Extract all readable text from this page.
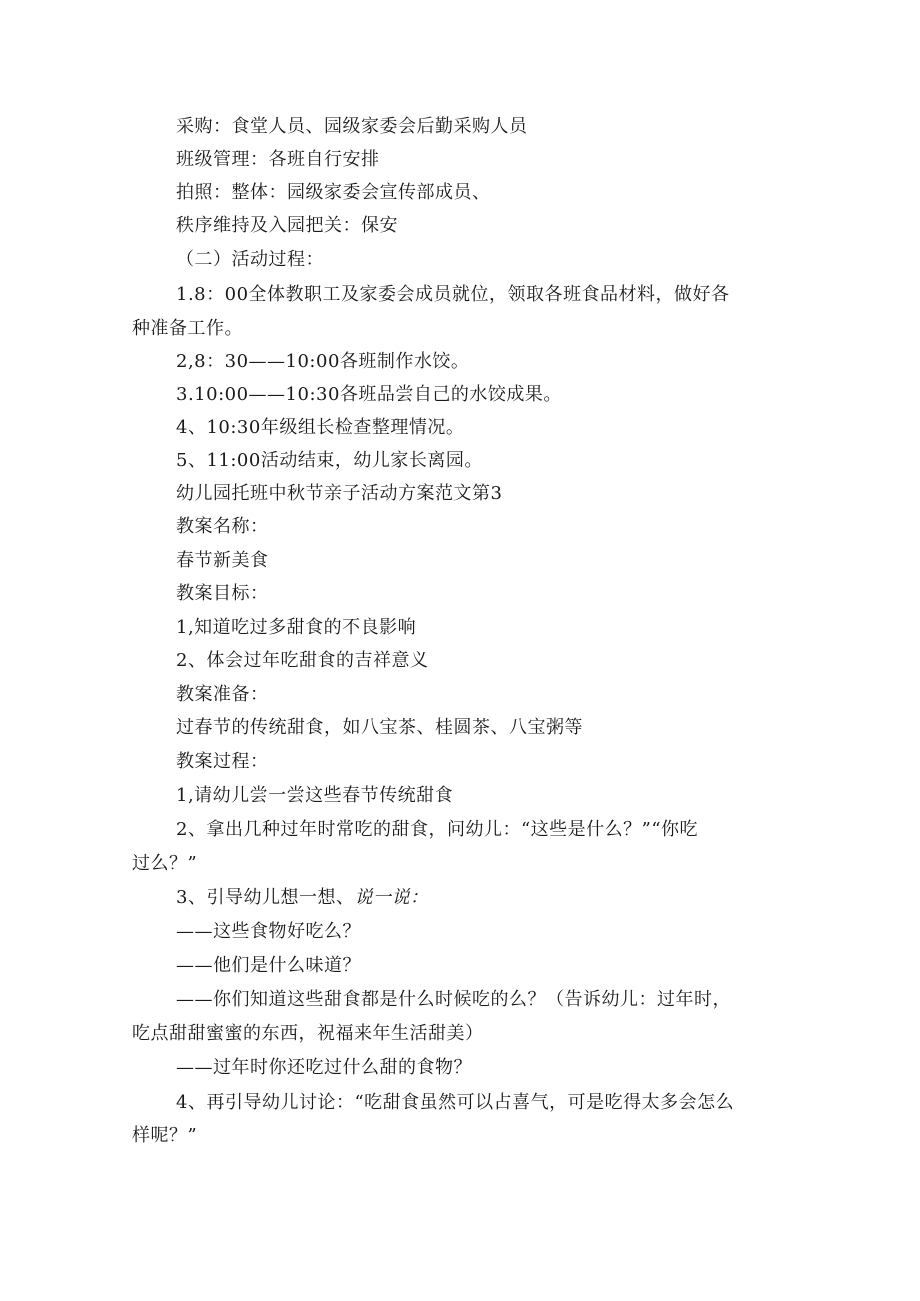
采购：食堂人员、园级家委会后勤采购人员
班级管理：各班自行安排
拍照：整体：园级家委会宣传部成员、
秩序维持及入园把关：保安
（二）活动过程：
1.8：00全体教职工及家委会成员就位，领取各班食品材料，做好各
种准备工作。
2,8：30——10:00各班制作水饺。
3.10:00——10:30各班品尝自己的水饺成果。
4、10:30年级组长检查整理情况。
5、11:00活动结束，幼儿家长离园。
幼儿园托班中秋节亲子活动方案范文第3
教案名称：
春节新美食
教案目标：
1,知道吃过多甜食的不良影响
2、体会过年吃甜食的吉祥意义
教案准备：
过春节的传统甜食，如八宝茶、桂圆茶、八宝粥等
教案过程：
1,请幼儿尝一尝这些春节传统甜食
2、拿出几种过年时常吃的甜食，问幼儿：“这些是什么？”“你吃
过么？”
3、引导幼儿想一想、说一说：
——这些食物好吃么？
——他们是什么味道？
——你们知道这些甜食都是什么时候吃的么？（告诉幼儿：过年时，
吃点甜甜蜜蜜的东西，祝福来年生活甜美）
——过年时你还吃过什么甜的食物？
4、再引导幼儿讨论：“吃甜食虽然可以占喜气，可是吃得太多会怎么
样呢？”
